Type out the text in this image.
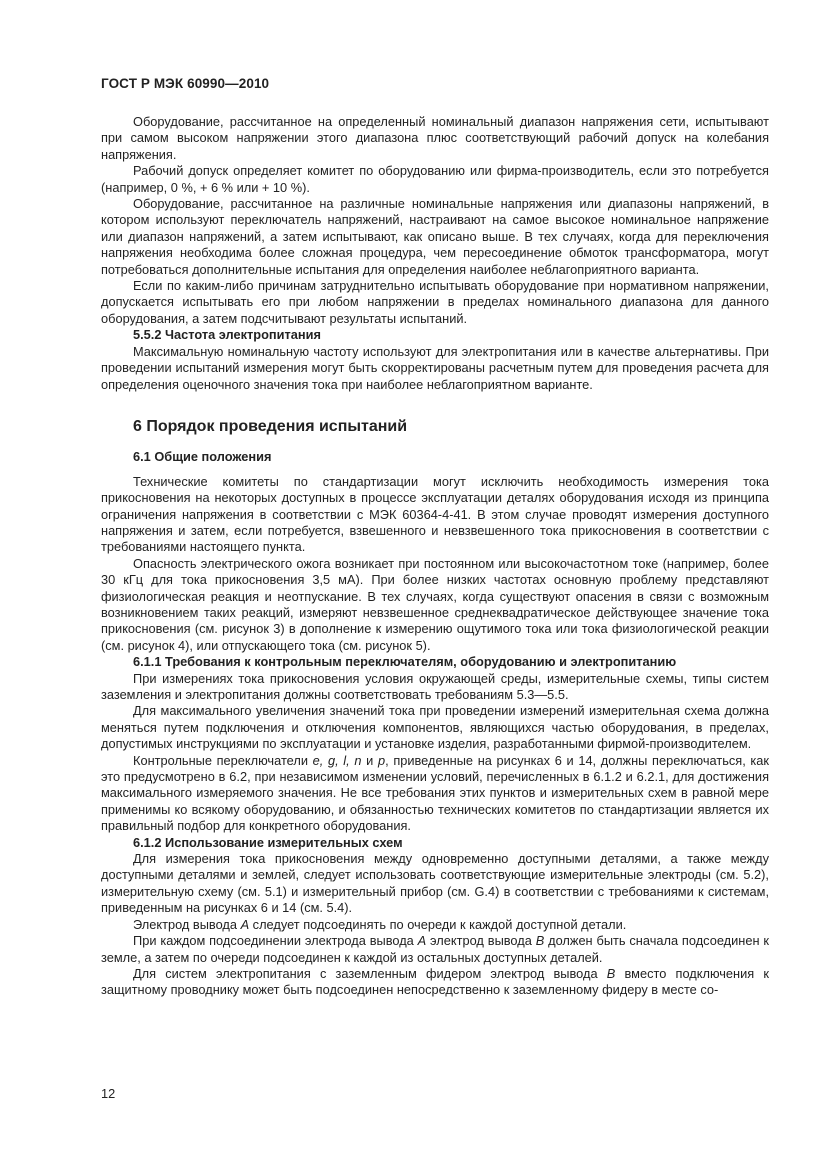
ГОСТ Р МЭК 60990—2010

Оборудование, рассчитанное на определенный номинальный диапазон напряжения сети, испытывают при самом высоком напряжении этого диапазона плюс соответствующий рабочий допуск на колебания напряжения.

Рабочий допуск определяет комитет по оборудованию или фирма-производитель, если это потребуется (например, 0 %, + 6 % или + 10 %).

Оборудование, рассчитанное на различные номинальные напряжения или диапазоны напряжений, в котором используют переключатель напряжений, настраивают на самое высокое номинальное напряжение или диапазон напряжений, а затем испытывают, как описано выше. В тех случаях, когда для переключения напряжения необходима более сложная процедура, чем пересоединение обмоток трансформатора, могут потребоваться дополнительные испытания для определения наиболее неблагоприятного варианта.

Если по каким-либо причинам затруднительно испытывать оборудование при нормативном напряжении, допускается испытывать его при любом напряжении в пределах номинального диапазона для данного оборудования, а затем подсчитывают результаты испытаний.

5.5.2 Частота электропитания

Максимальную номинальную частоту используют для электропитания или в качестве альтернативы. При проведении испытаний измерения могут быть скорректированы расчетным путем для проведения расчета для определения оценочного значения тока при наиболее неблагоприятном варианте.

6 Порядок проведения испытаний
6.1 Общие положения

Технические комитеты по стандартизации могут исключить необходимость измерения тока прикосновения на некоторых доступных в процессе эксплуатации деталях оборудования исходя из принципа ограничения напряжения в соответствии с МЭК 60364-4-41. В этом случае проводят измерения доступного напряжения и затем, если потребуется, взвешенного и невзвешенного тока прикосновения в соответствии с требованиями настоящего пункта.

Опасность электрического ожога возникает при постоянном или высокочастотном токе (например, более 30 кГц для тока прикосновения 3,5 мА). При более низких частотах основную проблему представляют физиологическая реакция и неотпускание. В тех случаях, когда существуют опасения в связи с возможным возникновением таких реакций, измеряют невзвешенное среднеквадратическое действующее значение тока прикосновения (см. рисунок 3) в дополнение к измерению ощутимого тока или тока физиологической реакции (см. рисунок 4), или отпускающего тока (см. рисунок 5).

6.1.1 Требования к контрольным переключателям, оборудованию и электропитанию

При измерениях тока прикосновения условия окружающей среды, измерительные схемы, типы систем заземления и электропитания должны соответствовать требованиям 5.3—5.5.

Для максимального увеличения значений тока при проведении измерений измерительная схема должна меняться путем подключения и отключения компонентов, являющихся частью оборудования, в пределах, допустимых инструкциями по эксплуатации и установке изделия, разработанными фирмой-производителем.

Контрольные переключатели e, g, l, n и p, приведенные на рисунках 6 и 14, должны переключаться, как это предусмотрено в 6.2, при независимом изменении условий, перечисленных в 6.1.2 и 6.2.1, для достижения максимального измеряемого значения. Не все требования этих пунктов и измерительных схем в равной мере применимы ко всякому оборудованию, и обязанностью технических комитетов по стандартизации является их правильный подбор для конкретного оборудования.

6.1.2 Использование измерительных схем

Для измерения тока прикосновения между одновременно доступными деталями, а также между доступными деталями и землей, следует использовать соответствующие измерительные электроды (см. 5.2), измерительную схему (см. 5.1) и измерительный прибор (см. G.4) в соответствии с требованиями к системам, приведенным на рисунках 6 и 14 (см. 5.4).

Электрод вывода А следует подсоединять по очереди к каждой доступной детали.

При каждом подсоединении электрода вывода А электрод вывода В должен быть сначала подсоединен к земле, а затем по очереди подсоединен к каждой из остальных доступных деталей.

Для систем электропитания с заземленным фидером электрод вывода В вместо подключения к защитному проводнику может быть подсоединен непосредственно к заземленному фидеру в месте со-

12
